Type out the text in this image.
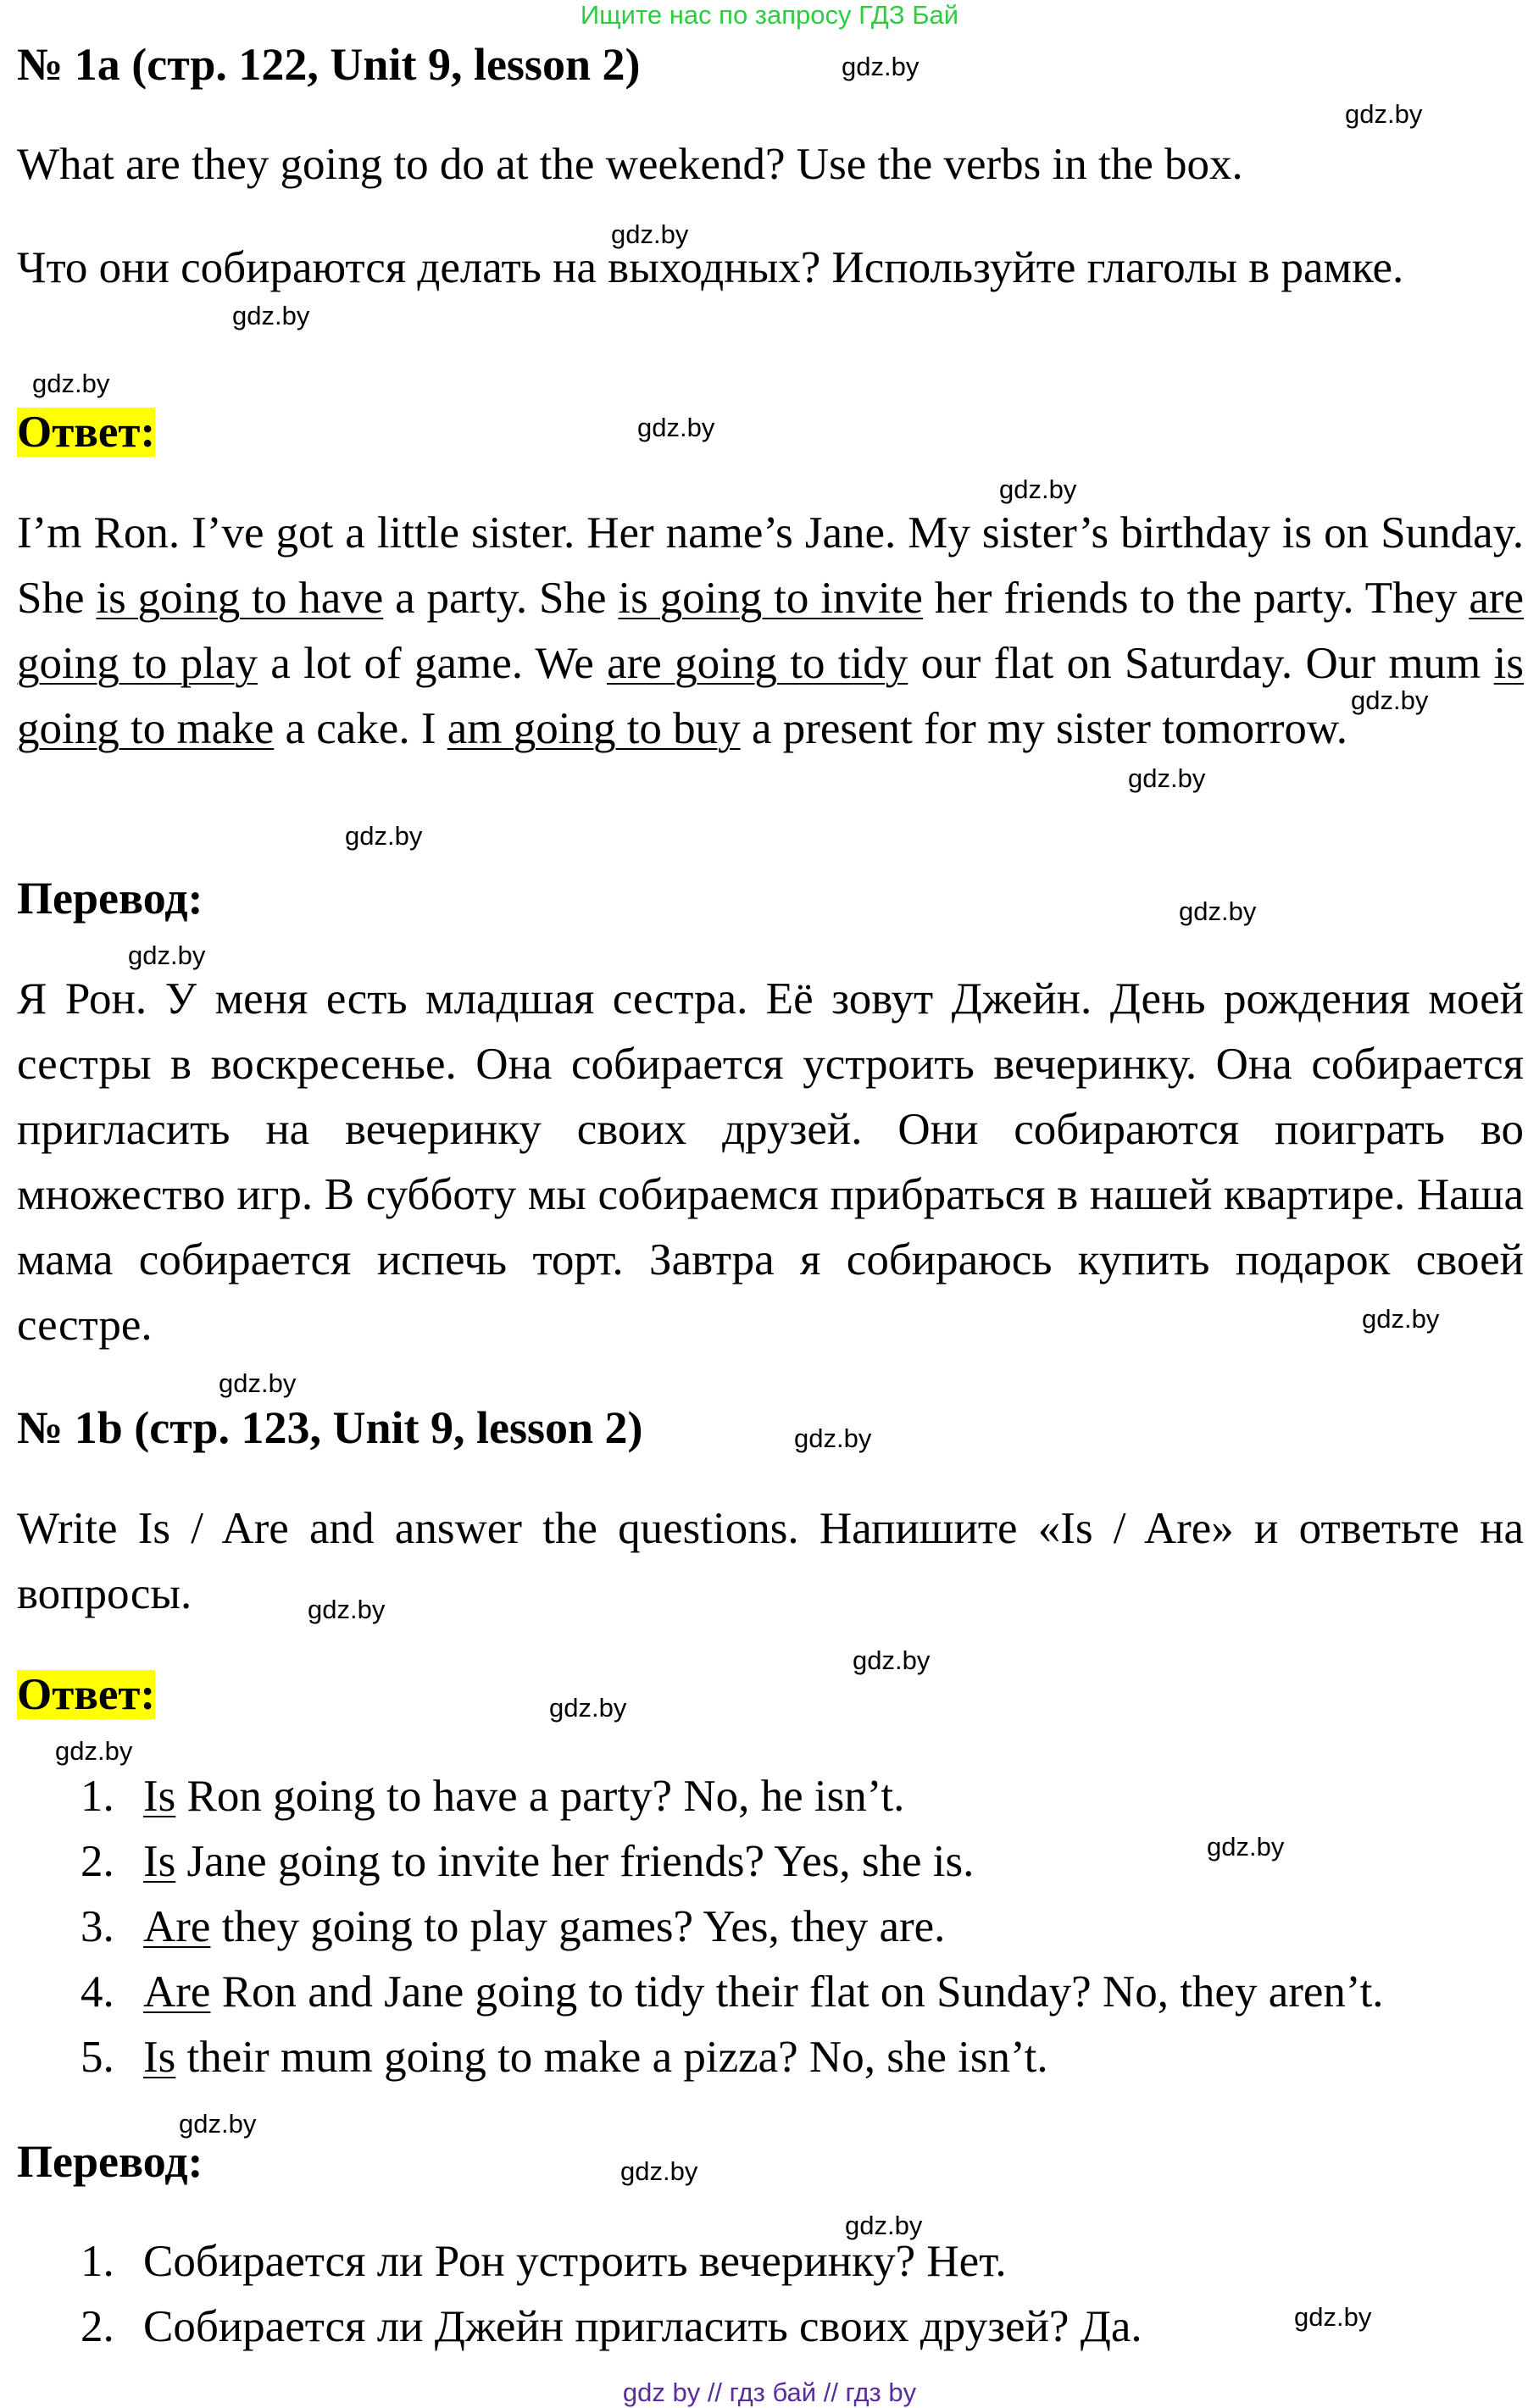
Ищите нас по запросу ГДЗ Бай
№ 1a (стр. 122, Unit 9, lesson 2)
What are they going to do at the weekend? Use the verbs in the box.
Что они собираются делать на выходных? Используйте глаголы в рамке.
Ответ:
I’m Ron. I’ve got a little sister. Her name’s Jane. My sister’s birthday is on Sunday. She is going to have a party. She is going to invite her friends to the party. They are going to play a lot of game. We are going to tidy our flat on Saturday. Our mum is going to make a cake. I am going to buy a present for my sister tomorrow.
Перевод:
Я Рон. У меня есть младшая сестра. Её зовут Джейн. День рождения моей сестры в воскресенье. Она собирается устроить вечеринку. Она собирается пригласить на вечеринку своих друзей. Они собираются поиграть во множество игр. В субботу мы собираемся прибраться в нашей квартире. Наша мама собирается испечь торт. Завтра я собираюсь купить подарок своей сестре.
№ 1b (стр. 123, Unit 9, lesson 2)
Write Is / Are and answer the questions. Напишите «Is / Are» и ответьте на вопросы.
Ответ:
1. Is Ron going to have a party? No, he isn’t.
2. Is Jane going to invite her friends? Yes, she is.
3. Are they going to play games? Yes, they are.
4. Are Ron and Jane going to tidy their flat on Sunday? No, they aren’t.
5. Is their mum going to make a pizza? No, she isn’t.
Перевод:
1. Собирается ли Рон устроить вечеринку? Нет.
2. Собирается ли Джейн пригласить своих друзей? Да.
gdz.by
gdz.by
gdz.by
gdz.by
gdz.by
gdz.by
gdz.by
gdz.by
gdz.by
gdz.by
gdz.by
gdz.by
gdz.by
gdz.by
gdz.by
gdz.by
gdz.by
gdz.by
gdz.by
gdz.by
gdz.by
gdz.by
gdz.by
gdz.by
gdz by // гдз бай // гдз by
